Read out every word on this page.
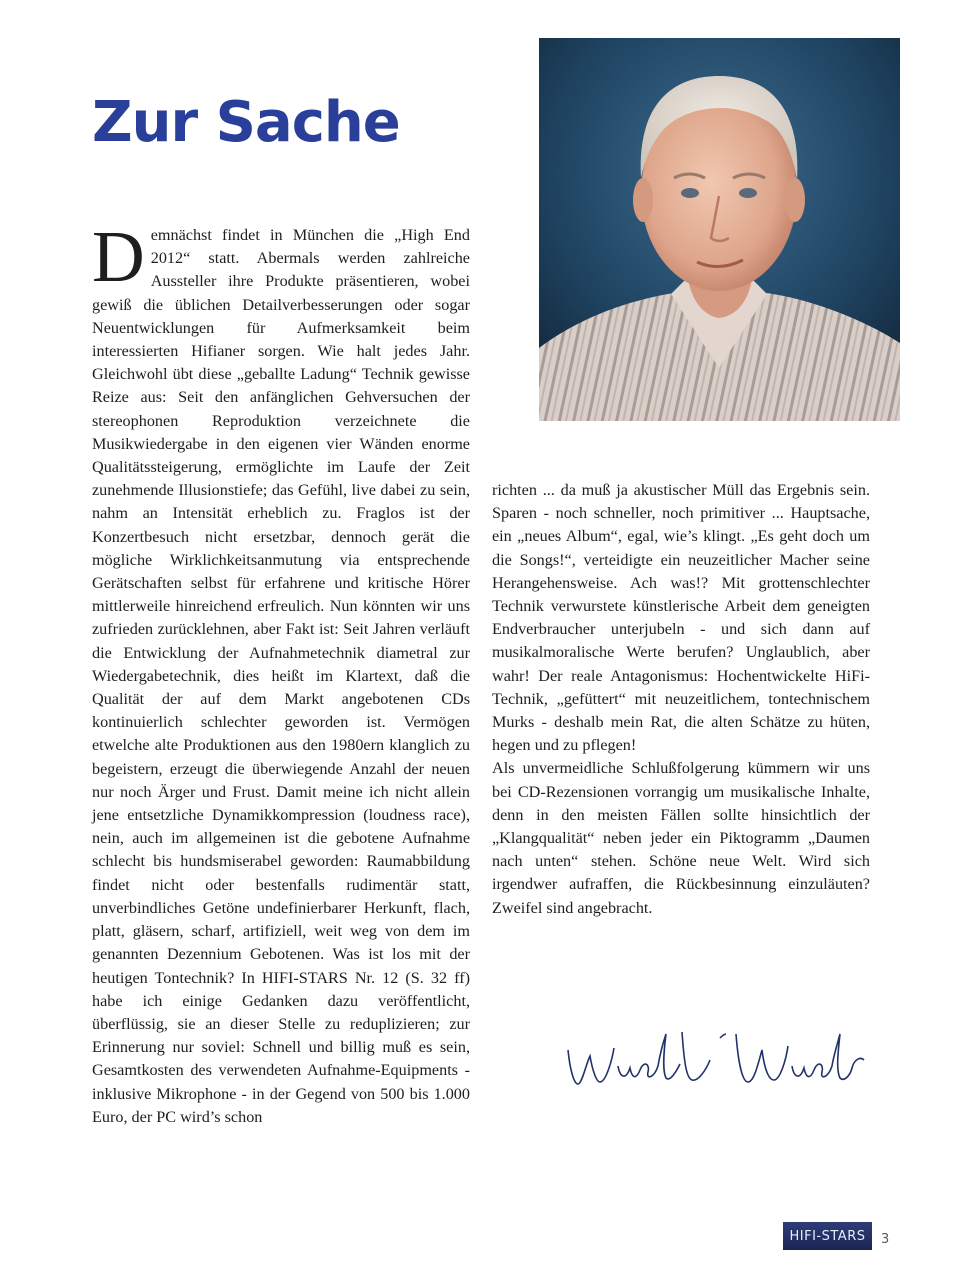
Zur Sache

Demnächst findet in München die „High End 2012“ statt. Abermals werden zahlreiche Aussteller ihre Produkte präsentieren, wobei gewiß die üblichen Detailverbesserungen oder sogar Neuentwicklungen für Aufmerksamkeit beim interessierten Hifianer sorgen. Wie halt jedes Jahr. Gleichwohl übt diese „geballte Ladung“ Technik gewisse Reize aus: Seit den anfänglichen Gehversuchen der stereophonen Reproduktion verzeichnete die Musikwiedergabe in den eigenen vier Wänden enorme Qualitätssteigerung, ermöglichte im Laufe der Zeit zunehmende Illusionstiefe; das Gefühl, live dabei zu sein, nahm an Intensität erheblich zu. Fraglos ist der Konzertbesuch nicht ersetzbar, dennoch gerät die mögliche Wirklichkeitsanmutung via entsprechende Gerätschaften selbst für erfahrene und kritische Hörer mittlerweile hinreichend erfreulich. Nun könnten wir uns zufrieden zurücklehnen, aber Fakt ist: Seit Jahren verläuft die Entwicklung der Aufnahmetechnik diametral zur Wiedergabetechnik, dies heißt im Klartext, daß die Qualität der auf dem Markt angebotenen CDs kontinuierlich schlechter geworden ist. Vermögen etwelche alte Produktionen aus den 1980ern klanglich zu begeistern, erzeugt die überwiegende Anzahl der neuen nur noch Ärger und Frust. Damit meine ich nicht allein jene entsetzliche Dynamikkompression (loudness race), nein, auch im allgemeinen ist die gebotene Aufnahme schlecht bis hundsmiserabel geworden: Raumabbildung findet nicht oder bestenfalls rudimentär statt, unverbindliches Getöne undefinierbarer Herkunft, flach, platt, gläsern, scharf, artifiziell, weit weg von dem im genannten Dezennium Gebotenen. Was ist los mit der heutigen Tontechnik? In HIFI-STARS Nr. 12 (S. 32 ff) habe ich einige Gedanken dazu veröffentlicht, überflüssig, sie an dieser Stelle zu reduplizieren; zur Erinnerung nur soviel: Schnell und billig muß es sein, Gesamtkosten des verwendeten Aufnahme-Equipments - inklusive Mikrophone - in der Gegend von 500 bis 1.000 Euro, der PC wird’s schon

richten ... da muß ja akustischer Müll das Ergebnis sein. Sparen - noch schneller, noch primitiver ... Hauptsache, ein „neues Album“, egal, wie’s klingt. „Es geht doch um die Songs!“, verteidigte ein neuzeitlicher Macher seine Herangehensweise. Ach was!? Mit grottenschlechter Technik verwurstete künstlerische Arbeit dem geneigten Endverbraucher unterjubeln - und sich dann auf musikalmoralische Werte berufen? Unglaublich, aber wahr! Der reale Antagonismus: Hochentwickelte HiFi-Technik, „gefüttert“ mit neuzeitlichem, tontechnischem Murks - deshalb mein Rat, die alten Schätze zu hüten, hegen und zu pflegen!

Als unvermeidliche Schlußfolgerung kümmern wir uns bei CD-Rezensionen vorrangig um musikalische Inhalte, denn in den meisten Fällen sollte hinsichtlich der „Klangqualität“ neben jeder ein Piktogramm „Daumen nach unten“ stehen. Schöne neue Welt. Wird sich irgendwer aufraffen, die Rückbesinnung einzuläuten? Zweifel sind angebracht.

HIFI-STARS 3
